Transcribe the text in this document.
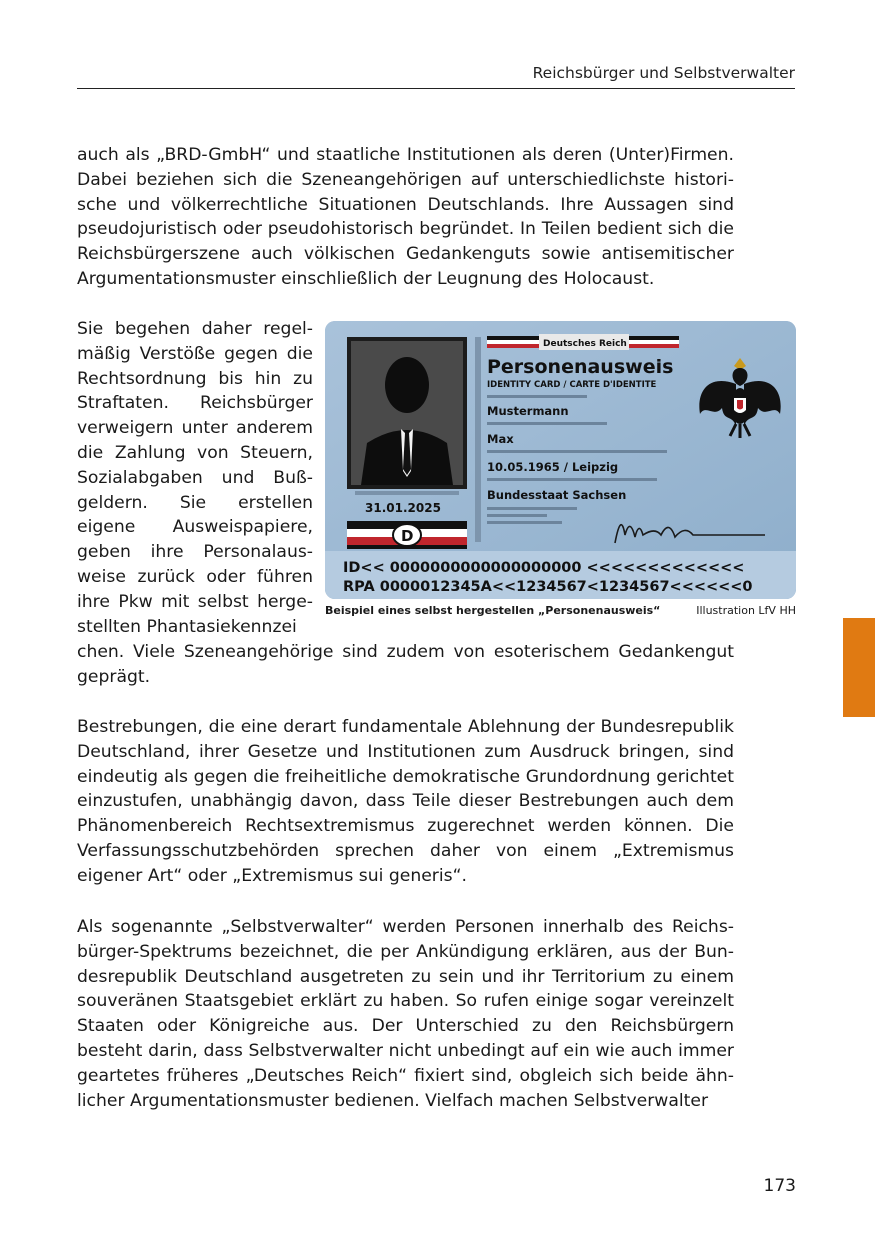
Reichsbürger und Selbstverwalter

auch als „BRD-GmbH“ und staatliche Institutionen als deren (Unter)Firmen. Dabei beziehen sich die Szeneangehörigen auf unterschiedlichste historische und völkerrechtliche Situationen Deutschlands. Ihre Aussagen sind pseudojuristisch oder pseudohistorisch begründet. In Teilen bedient sich die Reichsbürgerszene auch völkischen Gedankenguts sowie antisemitischer Argumentationsmuster einschließlich der Leugnung des Holocaust.

Sie begehen daher regelmäßig Verstöße gegen die Rechtsordnung bis hin zu Straftaten. Reichsbürger verweigern unter anderem die Zahlung von Steuern, Sozialabgaben und Bußgeldern. Sie erstellen eigene Ausweispapiere, geben ihre Personalausweise zurück oder führen ihre Pkw mit selbst hergestellten Phantasiekennzei

chen. Viele Szeneangehörige sind zudem von esoterischem Gedankengut geprägt.

Bestrebungen, die eine derart fundamentale Ablehnung der Bundesrepublik Deutschland, ihrer Gesetze und Institutionen zum Ausdruck bringen, sind eindeutig als gegen die freiheitliche demokratische Grundordnung gerichtet einzustufen, unabhängig davon, dass Teile dieser Bestrebungen auch dem Phänomenbereich Rechtsextremismus zugerechnet werden können. Die Verfassungsschutzbehörden sprechen daher von einem „Extremismus eigener Art“ oder „Extremismus sui generis“.

Als sogenannte „Selbstverwalter“ werden Personen innerhalb des Reichsbürger-Spektrums bezeichnet, die per Ankündigung erklären, aus der Bundesrepublik Deutschland ausgetreten zu sein und ihr Territorium zu einem souveränen Staatsgebiet erklärt zu haben. So rufen einige sogar vereinzelt Staaten oder Königreiche aus. Der Unterschied zu den Reichsbürgern besteht darin, dass Selbstverwalter nicht unbedingt auf ein wie auch immer geartetes früheres „Deutsches Reich“ fixiert sind, obgleich sich beide ähnlicher Argumentationsmuster bedienen. Vielfach machen Selbstverwalter

31.01.2025
D
Deutsches Reich
Personenausweis
IDENTITY CARD / CARTE D'IDENTITE
Mustermann
Max
10.05.1965 / Leipzig
Bundesstaat Sachsen
ID<< 0000000000000000000 <<<<<<<<<<<<<
RPA 0000012345A<<1234567<1234567<<<<<<0
Beispiel eines selbst hergestellen „Personenausweis“	Illustration LfV HH
173
